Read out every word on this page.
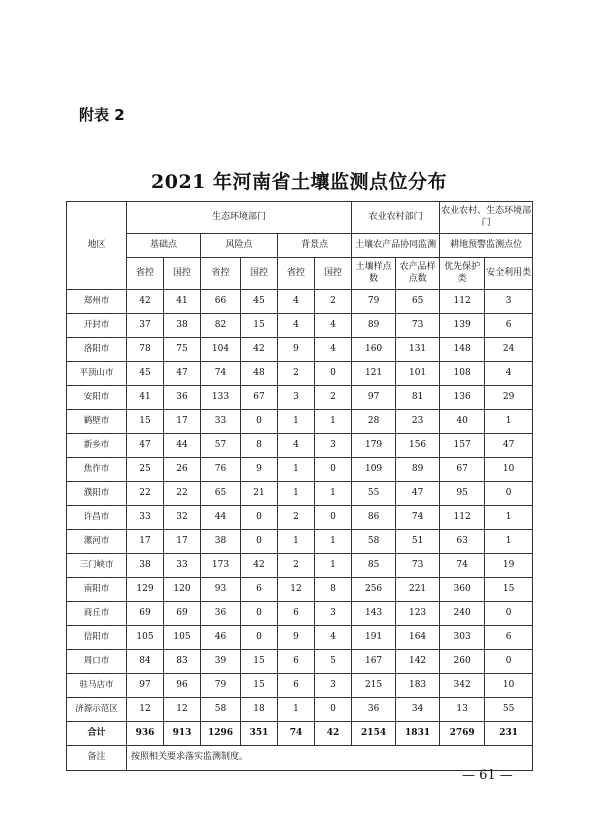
附表 2
2021 年河南省土壤监测点位分布
地区	生态环境部门						农业农村部门		农业农村、生态环境部门	
	基础点		风险点		背景点		土壤农产品协同监测		耕地预警监测点位	
	省控	国控	省控	国控	省控	国控	土壤样点数	农产品样点数	优先保护类	安全利用类
郑州市	42	41	66	45	4	2	79	65	112	3
开封市	37	38	82	15	4	4	89	73	139	6
洛阳市	78	75	104	42	9	4	160	131	148	24
平顶山市	45	47	74	48	2	0	121	101	108	4
安阳市	41	36	133	67	3	2	97	81	136	29
鹤壁市	15	17	33	0	1	1	28	23	40	1
新乡市	47	44	57	8	4	3	179	156	157	47
焦作市	25	26	76	9	1	0	109	89	67	10
濮阳市	22	22	65	21	1	1	55	47	95	0
许昌市	33	32	44	0	2	0	86	74	112	1
漯河市	17	17	38	0	1	1	58	51	63	1
三门峡市	38	33	173	42	2	1	85	73	74	19
南阳市	129	120	93	6	12	8	256	221	360	15
商丘市	69	69	36	0	6	3	143	123	240	0
信阳市	105	105	46	0	9	4	191	164	303	6
周口市	84	83	39	15	6	5	167	142	260	0
驻马店市	97	96	79	15	6	3	215	183	342	10
济源示范区	12	12	58	18	1	0	36	34	13	55
合计	936	913	1296	351	74	42	2154	1831	2769	231
备注	按照相关要求落实监测制度。									
— 61 —
